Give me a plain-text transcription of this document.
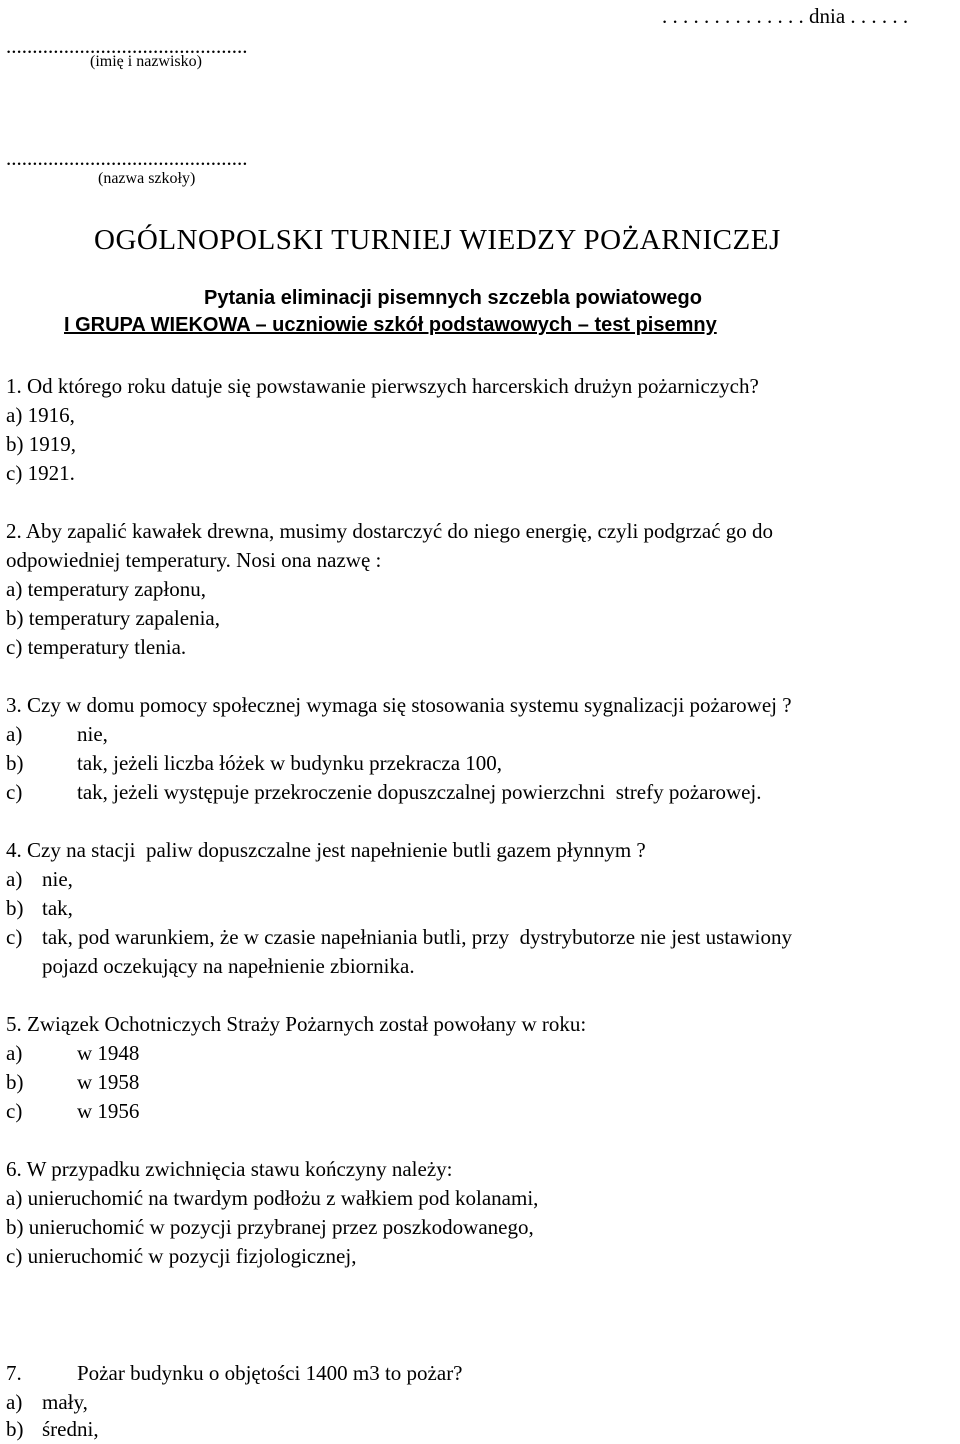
. . . . . . . . . . . . . . dnia . . . . . .
..............................................
(imię i nazwisko)
..............................................
(nazwa szkoły)
OGÓLNOPOLSKI TURNIEJ WIEDZY POŻARNICZEJ
Pytania eliminacji pisemnych szczebla powiatowego
I GRUPA WIEKOWA – uczniowie szkół podstawowych – test pisemny
1. Od którego roku datuje się powstawanie pierwszych harcerskich drużyn pożarniczych?
a) 1916,
b) 1919,
c) 1921.
2. Aby zapalić kawałek drewna, musimy dostarczyć do niego energię, czyli podgrzać go do
odpowiedniej temperatury. Nosi ona nazwę :
a) temperatury zapłonu,
b) temperatury zapalenia,
c) temperatury tlenia.
3. Czy w domu pomocy społecznej wymaga się stosowania systemu sygnalizacji pożarowej ?
a)	nie,
b)	tak, jeżeli liczba łóżek w budynku przekracza 100,
c)	tak, jeżeli występuje przekroczenie dopuszczalnej powierzchni  strefy pożarowej.
4. Czy na stacji  paliw dopuszczalne jest napełnienie butli gazem płynnym ?
a) nie,
b) tak,
c) tak, pod warunkiem, że w czasie napełniania butli, przy  dystrybutorze nie jest ustawiony
pojazd oczekujący na napełnienie zbiornika.
5. Związek Ochotniczych Straży Pożarnych został powołany w roku:
a)	w 1948
b)	w 1958
c)	w 1956
6. W przypadku zwichnięcia stawu kończyny należy:
a) unieruchomić na twardym podłożu z wałkiem pod kolanami,
b) unieruchomić w pozycji przybranej przez poszkodowanego,
c) unieruchomić w pozycji fizjologicznej,
7.	Pożar budynku o objętości 1400 m3 to pożar?
a) mały,
b) średni,
